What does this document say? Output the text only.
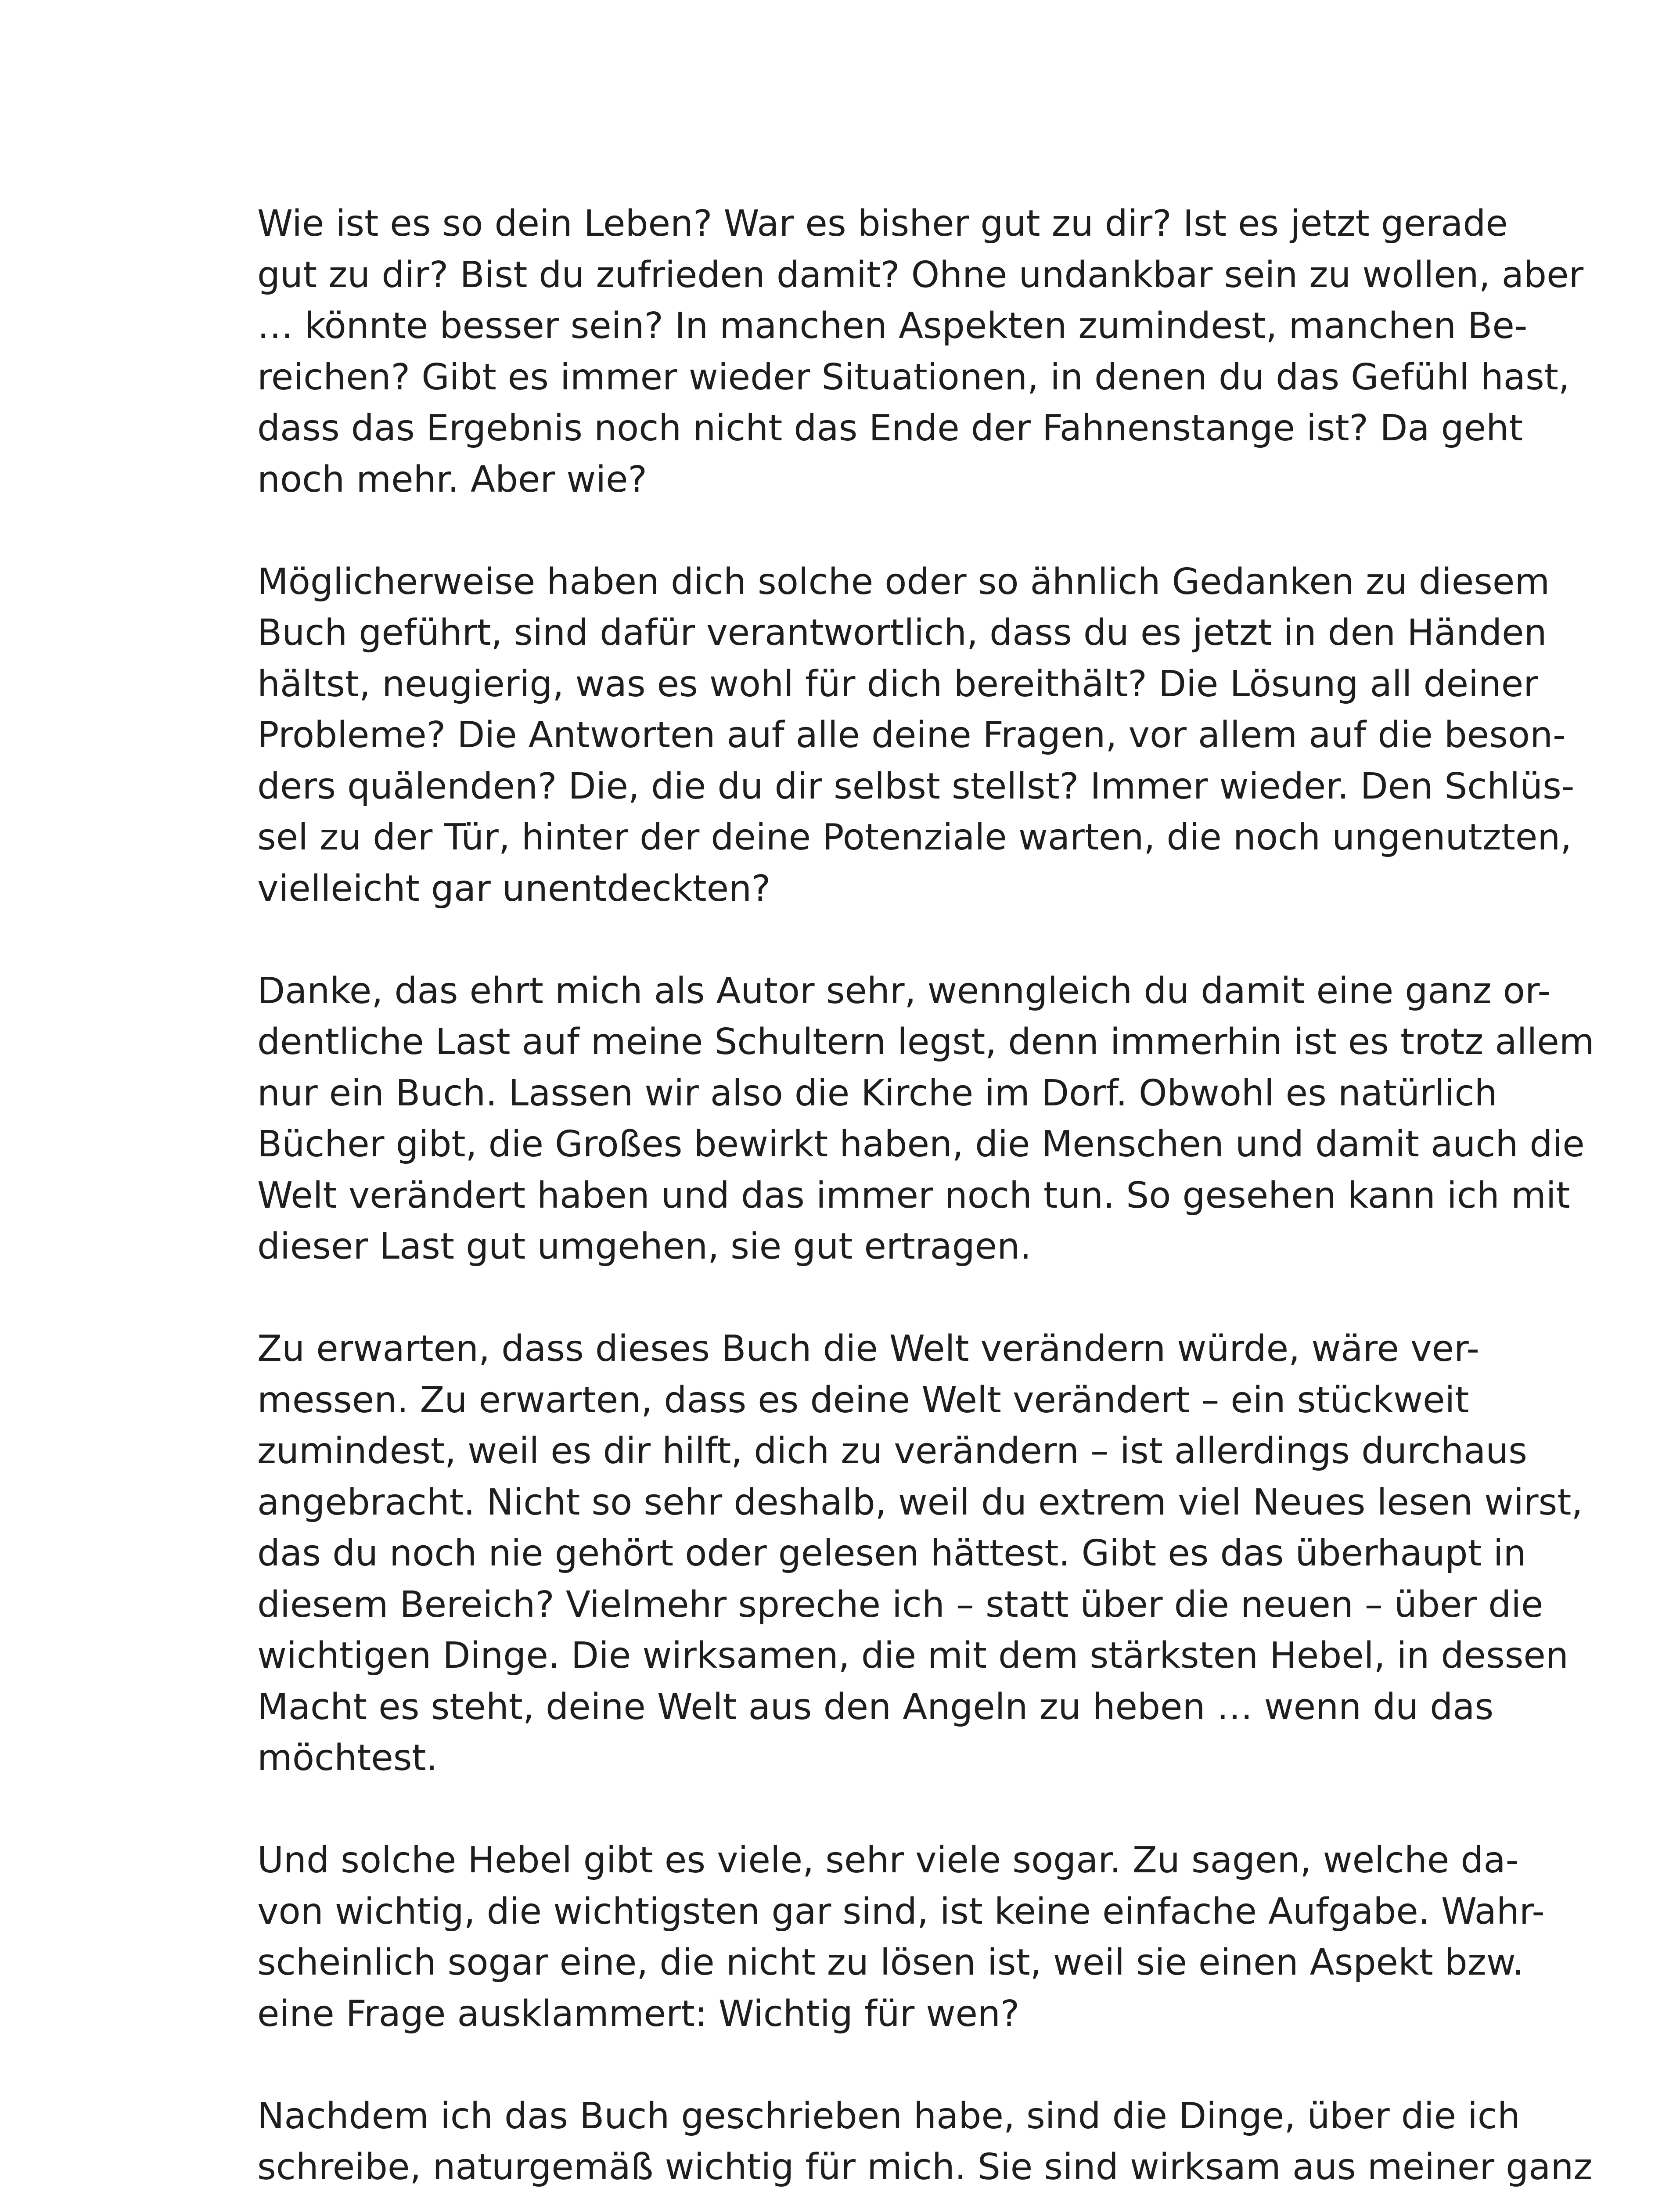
Wie ist es so dein Leben? War es bisher gut zu dir? Ist es jetzt gerade
gut zu dir? Bist du zufrieden damit? Ohne undankbar sein zu wollen, aber
… könnte besser sein? In manchen Aspekten zumindest, manchen Be-
reichen? Gibt es immer wieder Situationen, in denen du das Gefühl hast,
dass das Ergebnis noch nicht das Ende der Fahnenstange ist? Da geht
noch mehr. Aber wie?
Möglicherweise haben dich solche oder so ähnlich Gedanken zu diesem
Buch geführt, sind dafür verantwortlich, dass du es jetzt in den Händen
hältst, neugierig, was es wohl für dich bereithält? Die Lösung all deiner
Probleme? Die Antworten auf alle deine Fragen, vor allem auf die beson-
ders quälenden? Die, die du dir selbst stellst? Immer wieder. Den Schlüs-
sel zu der Tür, hinter der deine Potenziale warten, die noch ungenutzten,
vielleicht gar unentdeckten?
Danke, das ehrt mich als Autor sehr, wenngleich du damit eine ganz or-
dentliche Last auf meine Schultern legst, denn immerhin ist es trotz allem
nur ein Buch. Lassen wir also die Kirche im Dorf. Obwohl es natürlich
Bücher gibt, die Großes bewirkt haben, die Menschen und damit auch die
Welt verändert haben und das immer noch tun. So gesehen kann ich mit
dieser Last gut umgehen, sie gut ertragen.
Zu erwarten, dass dieses Buch die Welt verändern würde, wäre ver-
messen. Zu erwarten, dass es deine Welt verändert – ein stückweit
zumindest, weil es dir hilft, dich zu verändern – ist allerdings durchaus
angebracht. Nicht so sehr deshalb, weil du extrem viel Neues lesen wirst,
das du noch nie gehört oder gelesen hättest. Gibt es das überhaupt in
diesem Bereich? Vielmehr spreche ich – statt über die neuen – über die
wichtigen Dinge. Die wirksamen, die mit dem stärksten Hebel, in dessen
Macht es steht, deine Welt aus den Angeln zu heben … wenn du das
möchtest.
Und solche Hebel gibt es viele, sehr viele sogar. Zu sagen, welche da-
von wichtig, die wichtigsten gar sind, ist keine einfache Aufgabe. Wahr-
scheinlich sogar eine, die nicht zu lösen ist, weil sie einen Aspekt bzw.
eine Frage ausklammert: Wichtig für wen?
Nachdem ich das Buch geschrieben habe, sind die Dinge, über die ich
schreibe, naturgemäß wichtig für mich. Sie sind wirksam aus meiner ganz
